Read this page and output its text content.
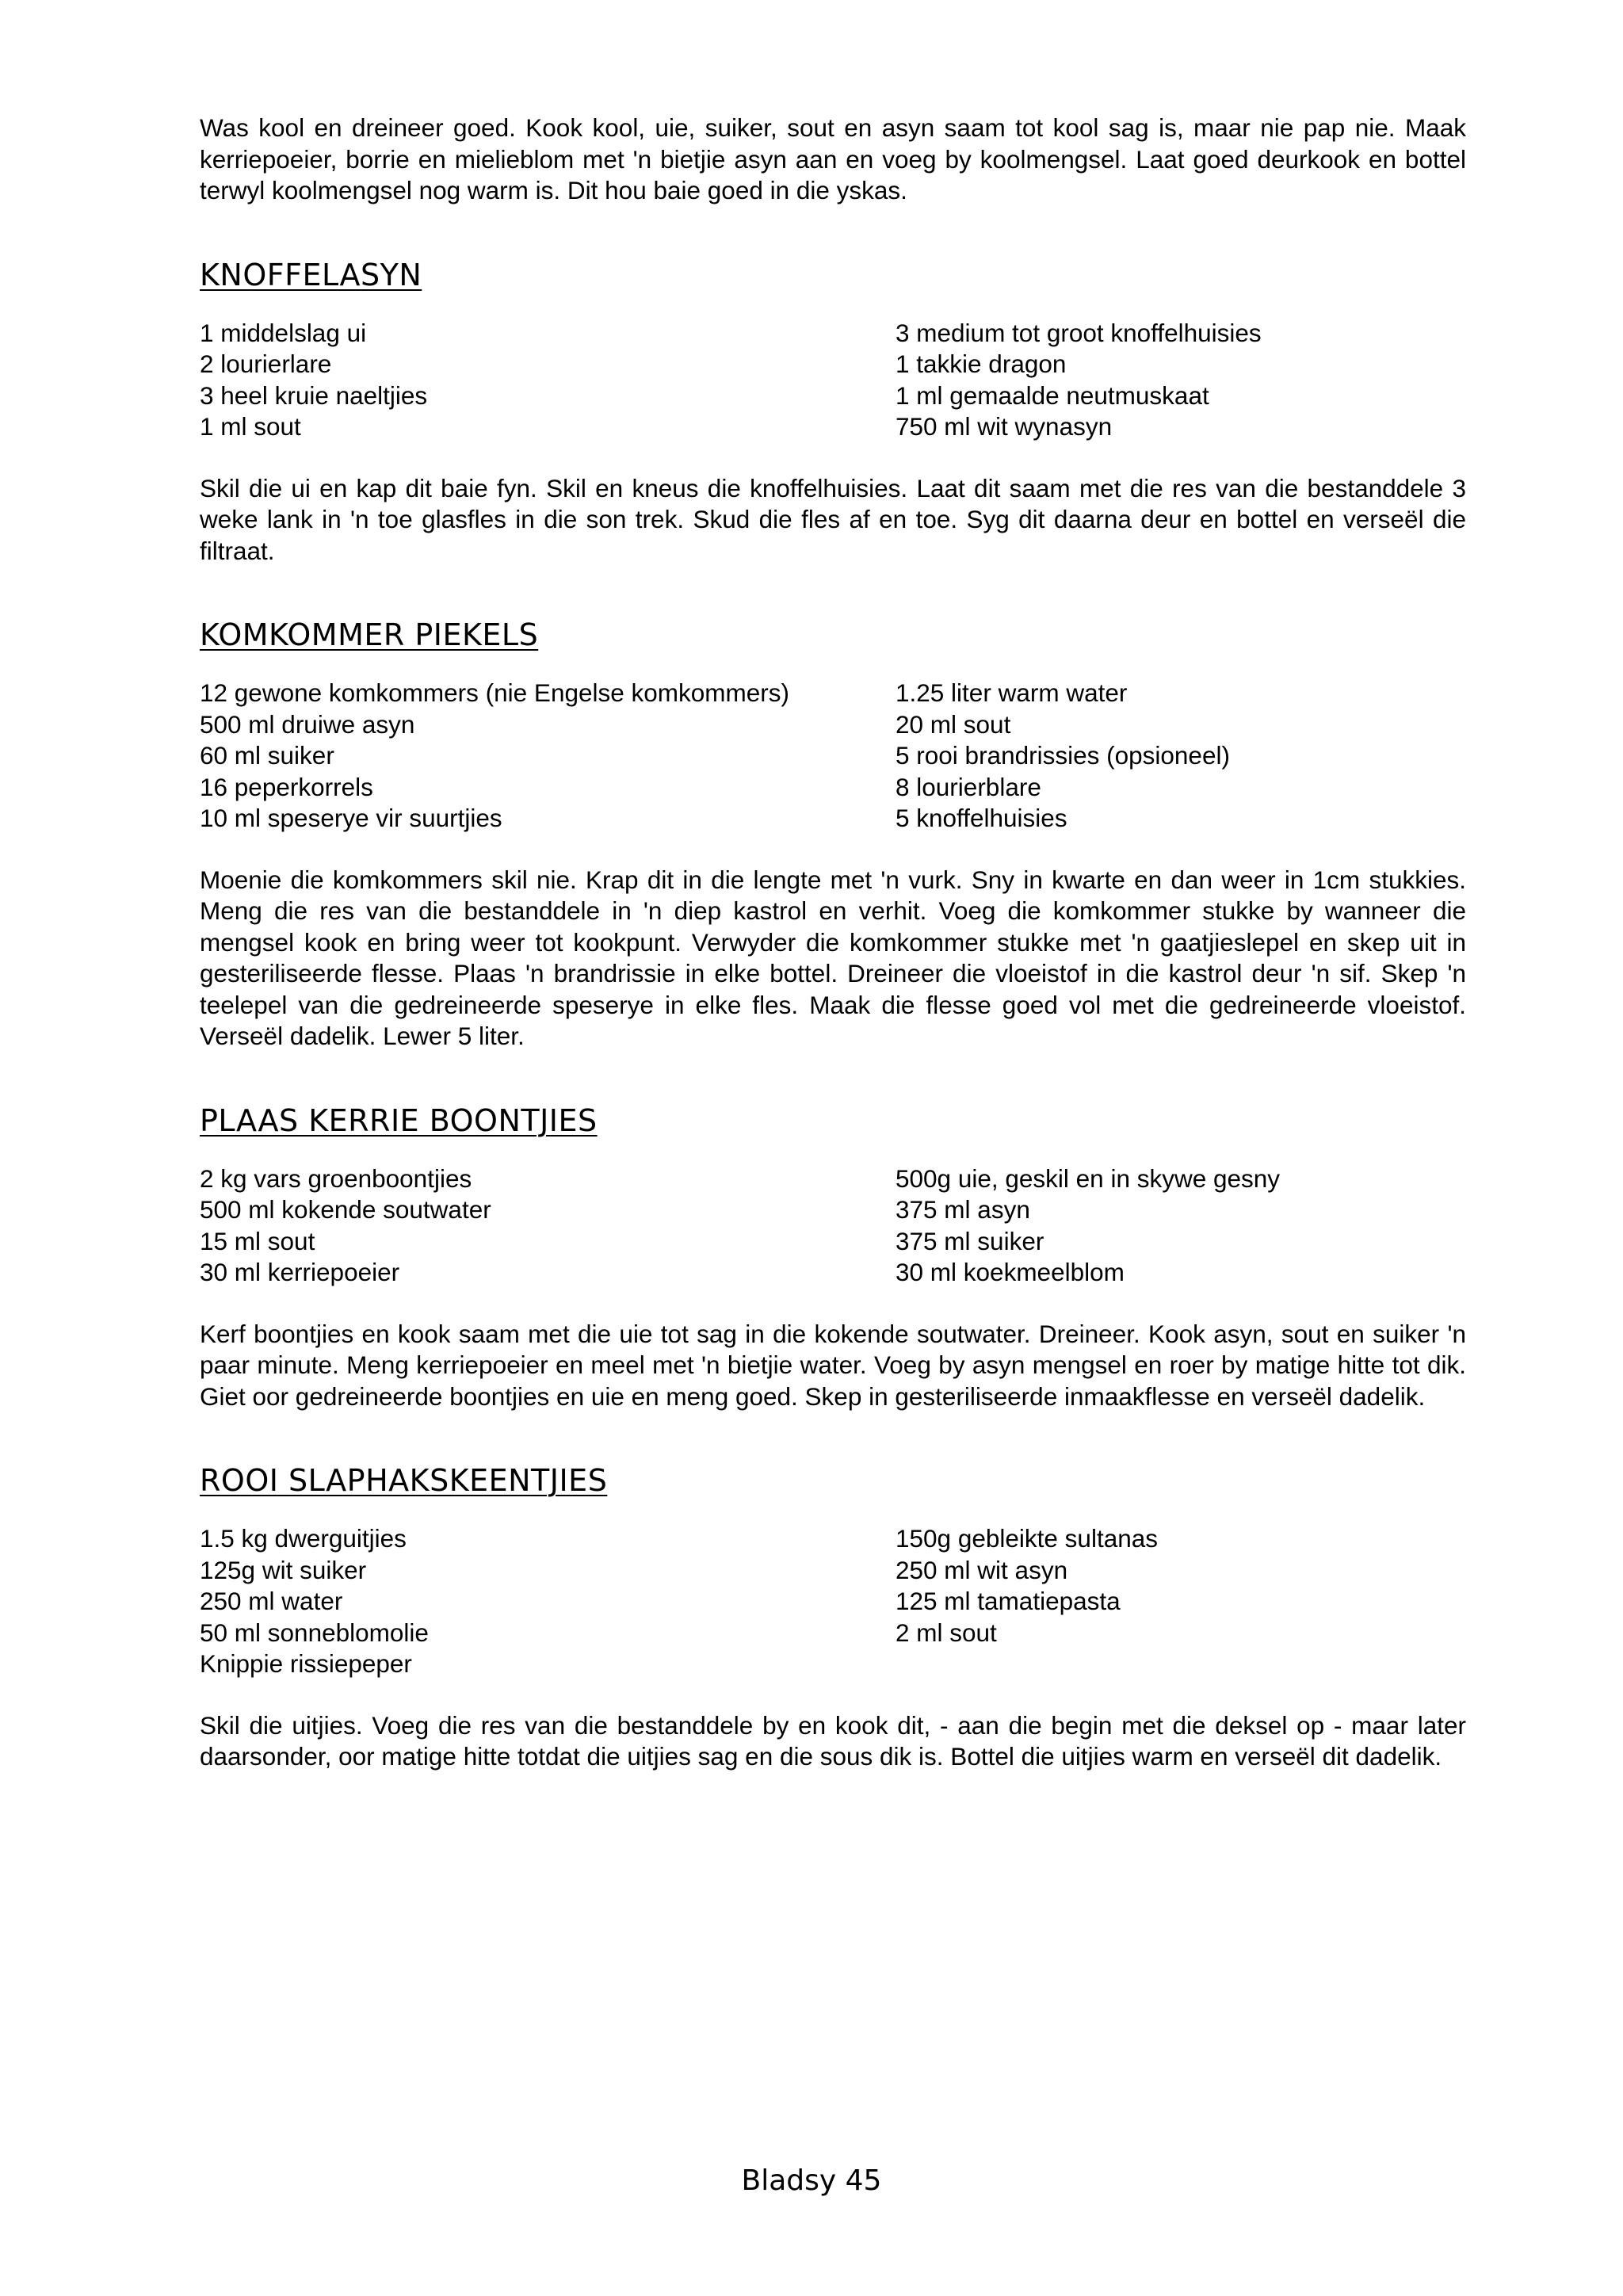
Was kool en dreineer goed. Kook kool, uie, suiker, sout en asyn saam tot kool sag is, maar nie pap nie. Maak kerriepoeier, borrie en mielieblom met 'n bietjie asyn aan en voeg by koolmengsel. Laat goed deurkook en bottel terwyl koolmengsel nog warm is. Dit hou baie goed in die yskas.

KNOFFELASYN
1 middelslag ui
2 lourierlare
3 heel kruie naeltjies
1 ml sout
3 medium tot groot knoffelhuisies
1 takkie dragon
1 ml gemaalde neutmuskaat
750 ml wit wynasyn

Skil die ui en kap dit baie fyn. Skil en kneus die knoffelhuisies. Laat dit saam met die res van die bestanddele 3 weke lank in 'n toe glasfles in die son trek. Skud die fles af en toe. Syg dit daarna deur en bottel en verseël die filtraat.

KOMKOMMER PIEKELS
12 gewone komkommers (nie Engelse komkommers)
500 ml druiwe asyn
60 ml suiker
16 peperkorrels
10 ml speserye vir suurtjies
1.25 liter warm water
20 ml sout
5 rooi brandrissies (opsioneel)
8 lourierblare
5 knoffelhuisies

Moenie die komkommers skil nie. Krap dit in die lengte met 'n vurk. Sny in kwarte en dan weer in 1cm stukkies. Meng die res van die bestanddele in 'n diep kastrol en verhit. Voeg die komkommer stukke by wanneer die mengsel kook en bring weer tot kookpunt. Verwyder die komkommer stukke met 'n gaatjieslepel en skep uit in gesteriliseerde flesse. Plaas 'n brandrissie in elke bottel. Dreineer die vloeistof in die kastrol deur 'n sif. Skep 'n teelepel van die gedreineerde speserye in elke fles. Maak die flesse goed vol met die gedreineerde vloeistof. Verseël dadelik. Lewer 5 liter.

PLAAS KERRIE BOONTJIES
2 kg vars groenboontjies
500 ml kokende soutwater
15 ml sout
30 ml kerriepoeier
500g uie, geskil en in skywe gesny
375 ml asyn
375 ml suiker
30 ml koekmeelblom

Kerf boontjies en kook saam met die uie tot sag in die kokende soutwater. Dreineer. Kook asyn, sout en suiker 'n paar minute. Meng kerriepoeier en meel met 'n bietjie water. Voeg by asyn mengsel en roer by matige hitte tot dik. Giet oor gedreineerde boontjies en uie en meng goed. Skep in gesteriliseerde inmaakflesse en verseël dadelik.

ROOI SLAPHAKSKEENTJIES
1.5 kg dwerguitjies
125g wit suiker
250 ml water
50 ml sonneblomolie
Knippie rissiepeper
150g gebleikte sultanas
250 ml wit asyn
125 ml tamatiepasta
2 ml sout

Skil die uitjies. Voeg die res van die bestanddele by en kook dit, - aan die begin met die deksel op - maar later daarsonder, oor matige hitte totdat die uitjies sag en die sous dik is. Bottel die uitjies warm en verseël dit dadelik.

Bladsy 45
